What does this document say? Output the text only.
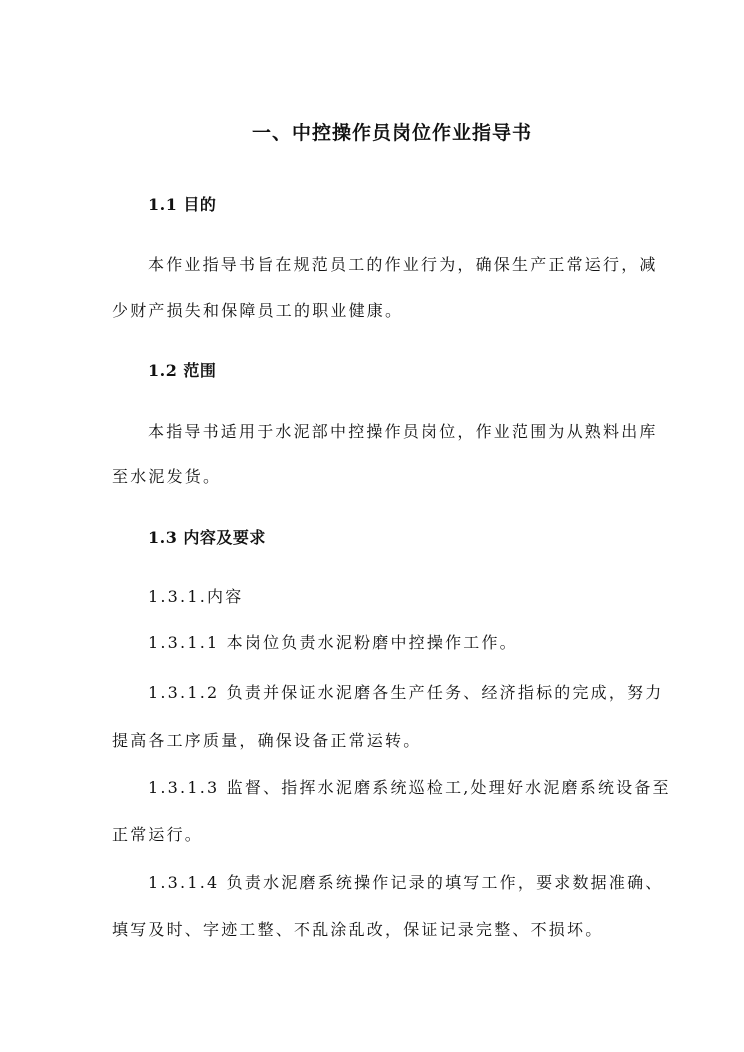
一、中控操作员岗位作业指导书
1.1 目的
本作业指导书旨在规范员工的作业行为，确保生产正常运行，减
少财产损失和保障员工的职业健康。
1.2 范围
本指导书适用于水泥部中控操作员岗位，作业范围为从熟料出库
至水泥发货。
1.3 内容及要求
1.3.1.内容
1.3.1.1 本岗位负责水泥粉磨中控操作工作。
1.3.1.2 负责并保证水泥磨各生产任务、经济指标的完成，努力
提高各工序质量，确保设备正常运转。
1.3.1.3 监督、指挥水泥磨系统巡检工,处理好水泥磨系统设备至
正常运行。
1.3.1.4 负责水泥磨系统操作记录的填写工作，要求数据准确、
填写及时、字迹工整、不乱涂乱改，保证记录完整、不损坏。
